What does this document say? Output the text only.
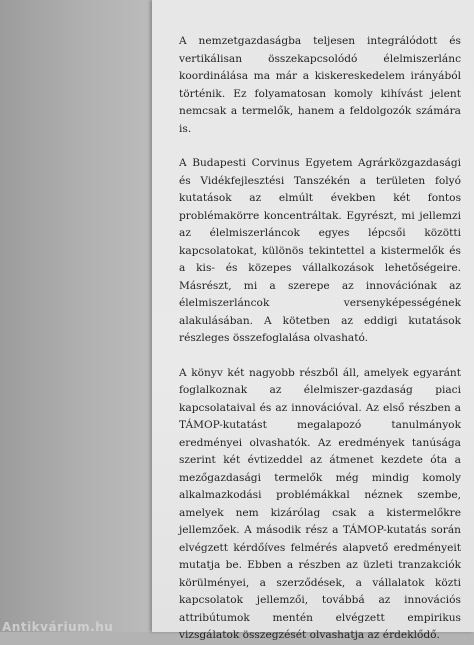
A nemzetgazdaságba teljesen integrálódott és vertikálisan összekapcsolódó élelmiszerlánc koordinálása ma már a kiskereskedelem irányából történik. Ez folyamatosan komoly kihívást jelent nemcsak a termelők, hanem a feldolgozók számára is.

A Budapesti Corvinus Egyetem Agrárközgazdasági és Vidékfejlesztési Tanszékén a területen folyó kutatások az elmúlt években két fontos problémakörre koncentráltak. Egyrészt, mi jellemzi az élelmiszerláncok egyes lépcsői közötti kapcsolatokat, különös tekintettel a kistermelők és a kis- és közepes vállalkozások lehetőségeire. Másrészt, mi a szerepe az innovációnak az élelmiszerláncok versenyképességének alakulásában. A kötetben az eddigi kutatások részleges összefoglalása olvasható.

A könyv két nagyobb részből áll, amelyek egyaránt foglalkoznak az élelmiszer-gazdaság piaci kapcsolataival és az innovációval. Az első részben a TÁMOP-kutatást megalapozó tanulmányok eredményei olvashatók. Az eredmények tanúsága szerint két évtizeddel az átmenet kezdete óta a mezőgazdasági termelők még mindig komoly alkalmazkodási problémákkal néznek szembe, amelyek nem kizárólag csak a kistermelőkre jellemzőek. A második rész a TÁMOP-kutatás során elvégzett kérdőíves felmérés alapvető eredményeit mutatja be. Ebben a részben az üzleti tranzakciók körülményei, a szerződések, a vállalatok közti kapcsolatok jellemzői, továbbá az innovációs attribútumok mentén elvégzett empirikus vizsgálatok összegzését olvashatja az érdeklődő.

Antikvárium.hu
